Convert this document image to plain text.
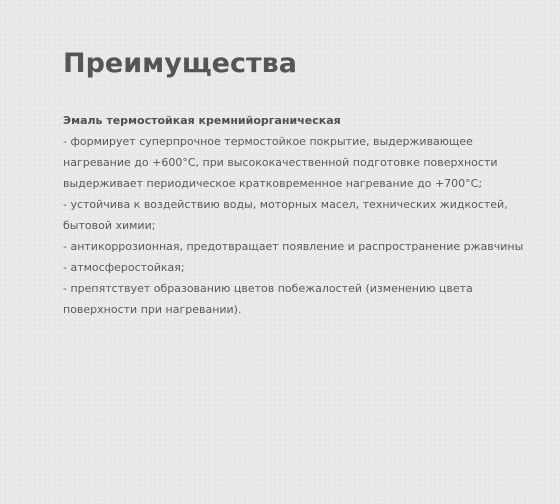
Преимущества
Эмаль термостойкая кремнийорганическая
- формирует суперпрочное термостойкое покрытие, выдерживающее
нагревание до +600°С, при высококачественной подготовке поверхности
выдерживает периодическое кратковременное нагревание до +700°С;
- устойчива к воздействию воды, моторных масел, технических жидкостей,
бытовой химии;
- антикоррозионная, предотвращает появление и распространение ржавчины
- атмосферостойкая;
- препятствует образованию цветов побежалостей (изменению цвета
поверхности при нагревании).
